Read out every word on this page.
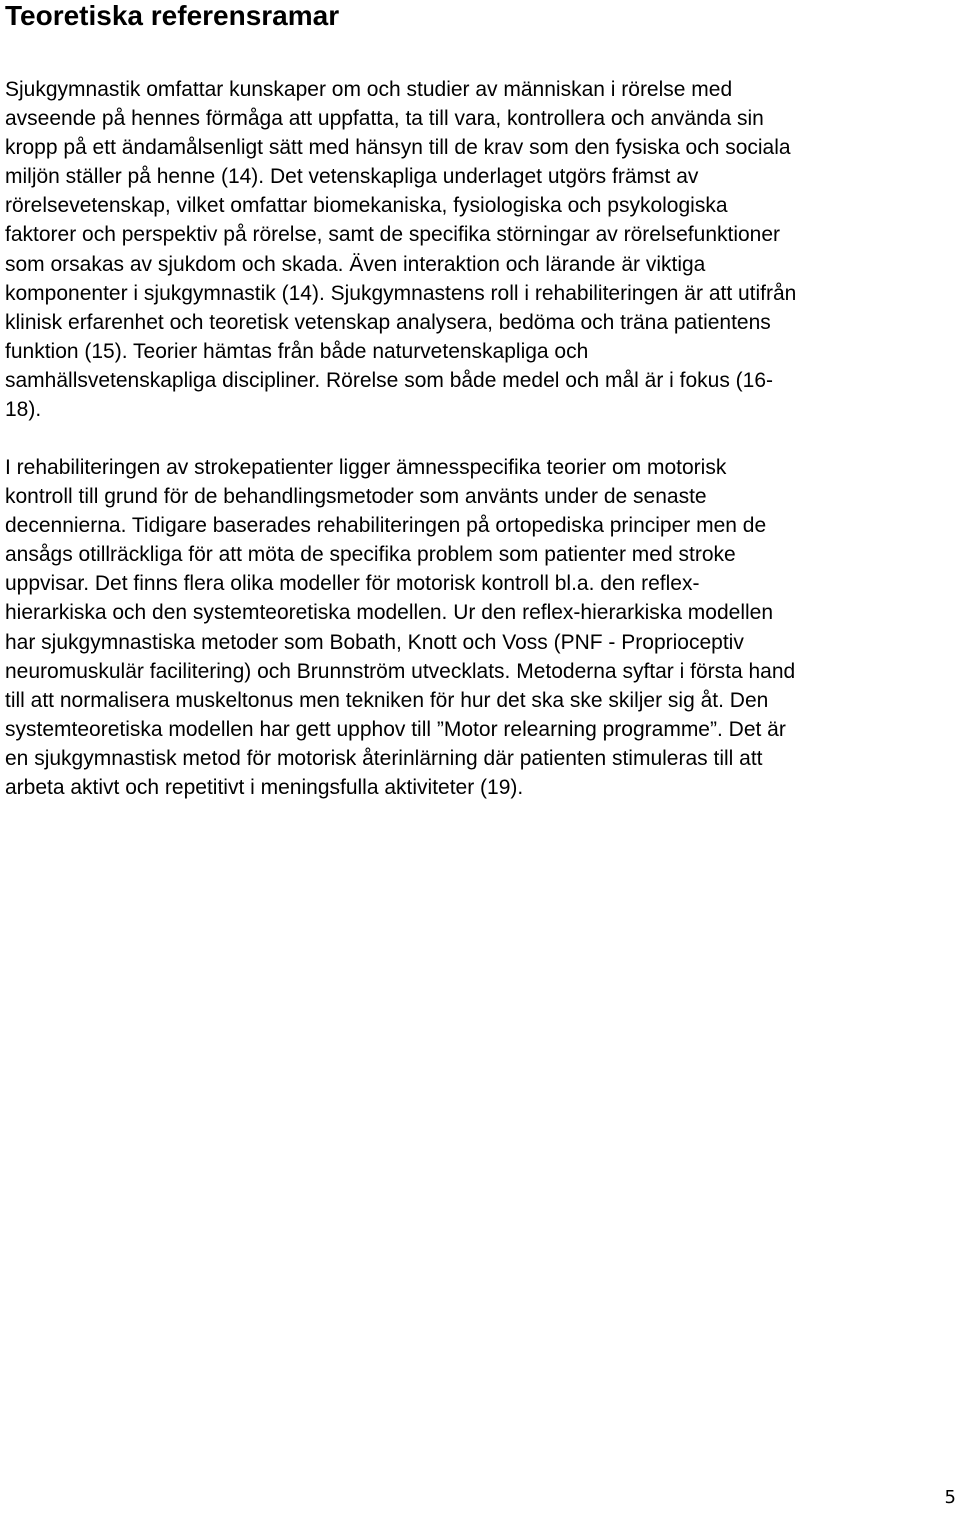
Teoretiska referensramar
Sjukgymnastik omfattar kunskaper om och studier av människan i rörelse med
avseende på hennes förmåga att uppfatta, ta till vara, kontrollera och använda sin
kropp på ett ändamålsenligt sätt med hänsyn till de krav som den fysiska och sociala
miljön ställer på henne (14). Det vetenskapliga underlaget utgörs främst av
rörelsevetenskap, vilket omfattar biomekaniska, fysiologiska och psykologiska
faktorer och perspektiv på rörelse, samt de specifika störningar av rörelsefunktioner
som orsakas av sjukdom och skada. Även interaktion och lärande är viktiga
komponenter i sjukgymnastik (14). Sjukgymnastens roll i rehabiliteringen är att utifrån
klinisk erfarenhet och teoretisk vetenskap analysera, bedöma och träna patientens
funktion (15). Teorier hämtas från både naturvetenskapliga och
samhällsvetenskapliga discipliner. Rörelse som både medel och mål är i fokus (16-
18).
I rehabiliteringen av strokepatienter ligger ämnesspecifika teorier om motorisk
kontroll till grund för de behandlingsmetoder som använts under de senaste
decennierna. Tidigare baserades rehabiliteringen på ortopediska principer men de
ansågs otillräckliga för att möta de specifika problem som patienter med stroke
uppvisar. Det finns flera olika modeller för motorisk kontroll bl.a. den reflex-
hierarkiska och den systemteoretiska modellen. Ur den reflex-hierarkiska modellen
har sjukgymnastiska metoder som Bobath, Knott och Voss (PNF - Proprioceptiv
neuromuskulär facilitering) och Brunnström utvecklats. Metoderna syftar i första hand
till att normalisera muskeltonus men tekniken för hur det ska ske skiljer sig åt. Den
systemteoretiska modellen har gett upphov till ”Motor relearning programme”. Det är
en sjukgymnastisk metod för motorisk återinlärning där patienten stimuleras till att
arbeta aktivt och repetitivt i meningsfulla aktiviteter (19).
5
